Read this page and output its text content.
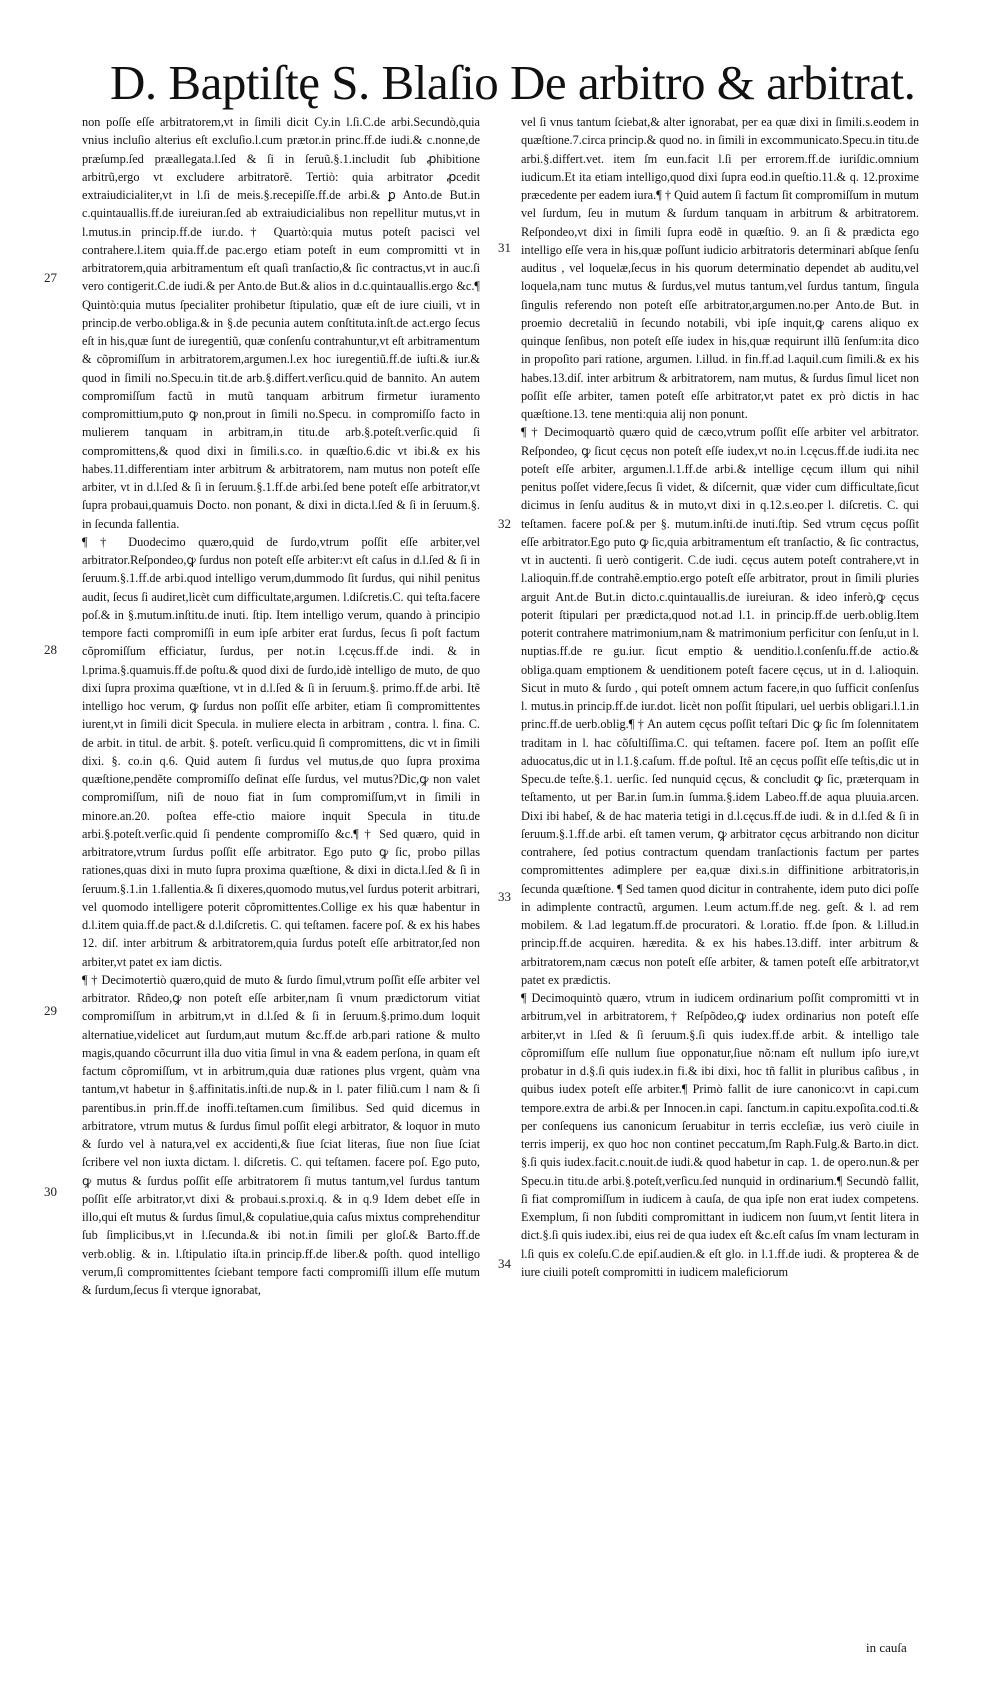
D. Baptiſtę S. Blaſio De arbitro & arbitrat.

non poſſe eſſe arbitratorem,vt in ſimili dicit Cy.in l.ſi.C.de arbi.Secundò,quia vnius incluſio alterius eſt excluſio.l.cum prætor.in princ.ff.de iudi.& c.nonne,de præſump.ſed præallegata.l.ſed & ſi in ſeruũ.§.1.includit ſub ꝓhibitione arbitrũ,ergo vt excludere arbitratorẽ. Tertiò: quia arbitrator ꝓcedit extraiudicialiter,vt in l.ſi de meis.§.recepiſſe.ff.de arbi.& ꝑ Anto.de But.in c.quintauallis.ff.de iureiuran.ſed ab extraiudicialibus non repellitur mutus,vt in l.mutus.in princip.ff.de iur.do.† Quartò:quia mutus poteſt pacisci vel contrahere.l.item quia.ff.de pac.ergo etiam poteſt in eum compromitti vt in arbitratorem,quia arbitramentum eſt quaſi tranſactio,& ſic contractus,vt in auc.ſi vero contigerit.C.de iudi.& per Anto.de But.& alios in d.c.quintauallis.ergo &c.¶ Quintò:quia mutus ſpecialiter prohibetur ſtipulatio, quæ eſt de iure ciuili, vt in princip.de verbo.obliga.& in §.de pecunia autem conſtituta.inſt.de act.ergo ſecus eſt in his,quæ ſunt de iuregentiũ, quæ conſenſu contrahuntur,vt eſt arbitramentum & cõpromiſſum in arbitratorem,argumen.l.ex hoc iuregentiũ.ff.de iuſti.& iur.& quod in ſimili no.Specu.in tit.de arb.§.differt.verſicu.quid de bannito. An autem compromiſſum factũ in mutũ tanquam arbitrum firmetur iuramento compromittium,puto ꝙ non,prout in ſimili no.Specu. in compromiſſo facto in mulierem tanquam in arbitram,in titu.de arb.§.poteſt.verſic.quid ſi compromittens,& quod dixi in ſimili.s.co. in quæſtio.6.dic vt ibi.& ex his habes.11.differentiam inter arbitrum & arbitratorem, nam mutus non poteſt eſſe arbiter, vt in d.l.ſed & ſi in ſeruum.§.1.ff.de arbi.ſed bene poteſt eſſe arbitrator,vt ſupra probaui,quamuis Docto. non ponant, & dixi in dicta.l.ſed & ſi in ſeruum.§. in ſecunda fallentia.

¶ † Duodecimo quæro,quid de ſurdo,vtrum poſſit eſſe arbiter,vel arbitrator.Reſpondeo,ꝙ ſurdus non poteſt eſſe arbiter:vt eſt caſus in d.l.ſed & ſi in ſeruum.§.1.ff.de arbi.quod intelligo verum,dummodo ſit ſurdus, qui nihil penitus audit, ſecus ſi audiret,licèt cum difficultate,argumen. l.diſcretis.C. qui teſta.facere poſ.& in §.mutum.inſtitu.de inuti. ſtip. Item intelligo verum, quando à principio tempore facti compromiſſi in eum ipſe arbiter erat ſurdus, ſecus ſi poſt factum cõpromiſſum efficiatur, ſurdus, per not.in l.cęcus.ff.de indi. & in l.prima.§.quamuis.ff.de poſtu.& quod dixi de ſurdo,idè intelligo de muto, de quo dixi ſupra proxima quæſtione, vt in d.l.ſed & ſi in ſeruum.§. primo.ff.de arbi. Itẽ intelligo hoc verum, ꝙ ſurdus non poſſit eſſe arbiter, etiam ſi compromittentes iurent,vt in ſimili dicit Specula. in muliere electa in arbitram , contra. l. fina. C. de arbit. in titul. de arbit. §. poteſt. verſicu.quid ſi compromittens, dic vt in ſimili dixi. §. co.in q.6. Quid autem ſi ſurdus vel mutus,de quo ſupra proxima quæſtione,pendẽte compromiſſo deſinat eſſe ſurdus, vel mutus?Dic,ꝙ non valet compromiſſum, niſi de nouo fiat in ſum compromiſſum,vt in ſimili in minore.an.20. poſtea effe-ctio maiore inquit Specula in titu.de arbi.§.poteſt.verſic.quid ſi pendente compromiſſo &c.¶ † Sed quæro, quid in arbitratore,vtrum ſurdus poſſit eſſe arbitrator. Ego puto ꝙ ſic, probo pillas rationes,quas dixi in muto ſupra proxima quæſtione, & dixi in dicta.l.ſed & ſi in ſeruum.§.1.in 1.fallentia.& ſi dixeres,quomodo mutus,vel ſurdus poterit arbitrari, vel quomodo intelligere poterit cõpromittentes.Collige ex his quæ habentur in d.l.item quia.ff.de pact.& d.l.diſcretis. C. qui teſtamen. facere poſ. & ex his habes 12. diſ. inter arbitrum & arbitratorem,quia ſurdus poteſt eſſe arbitrator,ſed non arbiter,vt patet ex iam dictis.

¶ † Decimotertiò quæro,quid de muto & ſurdo ſimul,vtrum poſſit eſſe arbiter vel arbitrator. Rñdeo,ꝙ non poteſt eſſe arbiter,nam ſi vnum prædictorum vitiat compromiſſum in arbitrum,vt in d.l.ſed & ſi in ſeruum.§.primo.dum loquit alternatiue,videlicet aut ſurdum,aut mutum &c.ff.de arb.pari ratione & multo magis,quando cõcurrunt illa duo vitia ſimul in vna & eadem perſona, in quam eſt factum cõpromiſſum, vt in arbitrum,quia duæ rationes plus vrgent, quàm vna tantum,vt habetur in §.affinitatis.inſti.de nup.& in l. pater filiũ.cum l nam & ſi parentibus.in prin.ff.de inoffi.teſtamen.cum ſimilibus. Sed quid dicemus in arbitratore, vtrum mutus & ſurdus ſimul poſſit elegi arbitrator, & loquor in muto & ſurdo vel à natura,vel ex accidenti,& ſiue ſciat literas, ſiue non ſiue ſciat ſcribere vel non iuxta dictam. l. diſcretis. C. qui teſtamen. facere poſ. Ego puto, ꝙ mutus & ſurdus poſſit eſſe arbitratorem ſi mutus tantum,vel ſurdus tantum poſſit eſſe arbitrator,vt dixi & probaui.s.proxi.q. & in q.9 Idem debet eſſe in illo,qui eſt mutus & ſurdus ſimul,& copulatiue,quia caſus mixtus comprehenditur ſub ſimplicibus,vt in l.ſecunda.& ibi not.in ſimili per gloſ.& Barto.ff.de verb.oblig. & in. l.ſtipulatio iſta.in princip.ff.de liber.& poſth. quod intelligo verum,ſi compromittentes ſciebant tempore facti compromiſſi illum eſſe mutum & ſurdum,ſecus ſi vterque ignorabat,

vel ſi vnus tantum ſciebat,& alter ignorabat, per ea quæ dixi in ſimili.s.eodem in quæſtione.7.circa princip.& quod no. in ſimili in excommunicato.Specu.in titu.de arbi.§.differt.vet. item ſm eun.facit l.ſi per errorem.ff.de iuriſdic.omnium iudicum.Et ita etiam intelligo,quod dixi ſupra eod.in queſtio.11.& q. 12.proxime præcedente per eadem iura.¶ † Quid autem ſi factum ſit compromiſſum in mutum vel ſurdum, ſeu in mutum & ſurdum tanquam in arbitrum & arbitratorem. Reſpondeo,vt dixi in ſimili ſupra eodẽ in quæſtio. 9. an ſi & prædicta ego intelligo eſſe vera in his,quæ poſſunt iudicio arbitratoris determinari abſque ſenſu auditus , vel loquelæ,ſecus in his quorum determinatio dependet ab auditu,vel loquela,nam tunc mutus & ſurdus,vel mutus tantum,vel ſurdus tantum, ſingula ſingulis referendo non poteſt eſſe arbitrator,argumen.no.per Anto.de But. in proemio decretaliũ in ſecundo notabili, vbi ipſe inquit,ꝙ carens aliquo ex quinque ſenſibus, non poteſt eſſe iudex in his,quæ requirunt illũ ſenſum:ita dico in propoſito pari ratione, argumen. l.illud. in fin.ff.ad l.aquil.cum ſimili.& ex his habes.13.diſ. inter arbitrum & arbitratorem, nam mutus, & ſurdus ſimul licet non poſſit eſſe arbiter, tamen poteſt eſſe arbitrator,vt patet ex prò dictis in hac quæſtione.13. tene menti:quia alij non ponunt.

¶ † Decimoquartò quæro quid de cæco,vtrum poſſit eſſe arbiter vel arbitrator. Reſpondeo, ꝙ ſicut cęcus non poteſt eſſe iudex,vt no.in l.cęcus.ff.de iudi.ita nec poteſt eſſe arbiter, argumen.l.1.ff.de arbi.& intellige cęcum illum qui nihil penitus poſſet videre,ſecus ſi videt, & diſcernit, quæ vider cum difficultate,ſicut dicimus in ſenſu auditus & in muto,vt dixi in q.12.s.eo.per l. diſcretis. C. qui teſtamen. facere poſ.& per §. mutum.inſti.de inuti.ſtip. Sed vtrum cęcus poſſit eſſe arbitrator.Ego puto ꝙ ſic,quia arbitramentum eſt tranſactio, & ſic contractus, vt in auctenti. ſi uerò contigerit. C.de iudi. cęcus autem poteſt contrahere,vt in l.alioquin.ff.de contrahẽ.emptio.ergo poteſt eſſe arbitrator, prout in ſimili pluries arguit Ant.de But.in dicto.c.quintauallis.de iureiuran. & ideo inferò,ꝙ cęcus poterit ſtipulari per prædicta,quod not.ad l.1. in princip.ff.de uerb.oblig.Item poterit contrahere matrimonium,nam & matrimonium perficitur con ſenſu,ut in l. nuptias.ff.de re gu.iur. ſicut emptio & uenditio.l.conſenſu.ff.de actio.& obliga.quam emptionem & uenditionem poteſt facere cęcus, ut in d. l.alioquin. Sicut in muto & ſurdo , qui poteſt omnem actum facere,in quo ſufficit conſenſus l. mutus.in princip.ff.de iur.dot. licèt non poſſit ſtipulari, uel uerbis obligari.l.1.in princ.ff.de uerb.oblig.¶ † An autem cęcus poſſit teſtari Dic ꝙ ſic ſm ſolennitatem traditam in l. hac cõſultiſſima.C. qui teſtamen. facere poſ. Item an poſſit eſſe aduocatus,dic ut in l.1.§.caſum. ff.de poſtul. Itẽ an cęcus poſſit eſſe teſtis,dic ut in Specu.de teſte.§.1. uerſic. ſed nunquid cęcus, & concludit ꝙ ſic, præterquam in teſtamento, ut per Bar.in ſum.in ſumma.§.idem Labeo.ff.de aqua pluuia.arcen. Dixi ibi habeſ, & de hac materia tetigi in d.l.cęcus.ff.de iudi. & in d.l.ſed & ſi in ſeruum.§.1.ff.de arbi. eſt tamen verum, ꝙ arbitrator cęcus arbitrando non dicitur contrahere, ſed potius contractum quendam tranſactionis factum per partes compromittentes adimplere per ea,quæ dixi.s.in diffinitione arbitratoris,in ſecunda quæſtione. ¶ Sed tamen quod dicitur in contrahente, idem puto dici poſſe in adimplente contractũ, argumen. l.eum actum.ff.de neg. geſt. & l. ad rem mobilem. & l.ad legatum.ff.de procuratori. & l.oratio. ff.de ſpon. & l.illud.in princip.ff.de acquiren. hæredita. & ex his habes.13.diff. inter arbitrum & arbitratorem,nam cæcus non poteſt eſſe arbiter, & tamen poteſt eſſe arbitrator,vt patet ex prædictis.

¶ Decimoquintò quæro, vtrum in iudicem ordinarium poſſit compromitti vt in arbitrum,vel in arbitratorem,† Reſpõdeo,ꝙ iudex ordinarius non poteſt eſſe arbiter,vt in l.ſed & ſi ſeruum.§.ſi quis iudex.ff.de arbit. & intelligo tale cõpromiſſum eſſe nullum ſiue opponatur,ſiue nõ:nam eſt nullum ipſo iure,vt probatur in d.§.ſi quis iudex.in fi.& ibi dixi, hoc tñ fallit in pluribus caſibus , in quibus iudex poteſt eſſe arbiter.¶ Primò fallit de iure canonico:vt in capi.cum tempore.extra de arbi.& per Innocen.in capi. ſanctum.in capitu.expoſita.cod.ti.& per conſequens ius canonicum ſeruabitur in terris eccleſiæ, ius verò ciuile in terris imperij, ex quo hoc non continet peccatum,ſm Raph.Fulg.& Barto.in dict. §.ſi quis iudex.facit.c.nouit.de iudi.& quod habetur in cap. 1. de opero.nun.& per Specu.in titu.de arbi.§.poteſt,verſicu.ſed nunquid in ordinarium.¶ Secundò fallit, ſi fiat compromiſſum in iudicem à cauſa, de qua ipſe non erat iudex competens. Exemplum, ſi non ſubditi compromittant in iudicem non ſuum,vt ſentit litera in dict.§.ſi quis iudex.ibi, eius rei de qua iudex eſt &c.eſt caſus ſm vnam lecturam in l.ſi quis ex coleſu.C.de epiſ.audien.& eſt glo. in l.1.ff.de iudi. & propterea & de iure ciuili poteſt compromitti in iudicem maleficiorum

27
28
29
30
31
32
33
34
in cauſa
